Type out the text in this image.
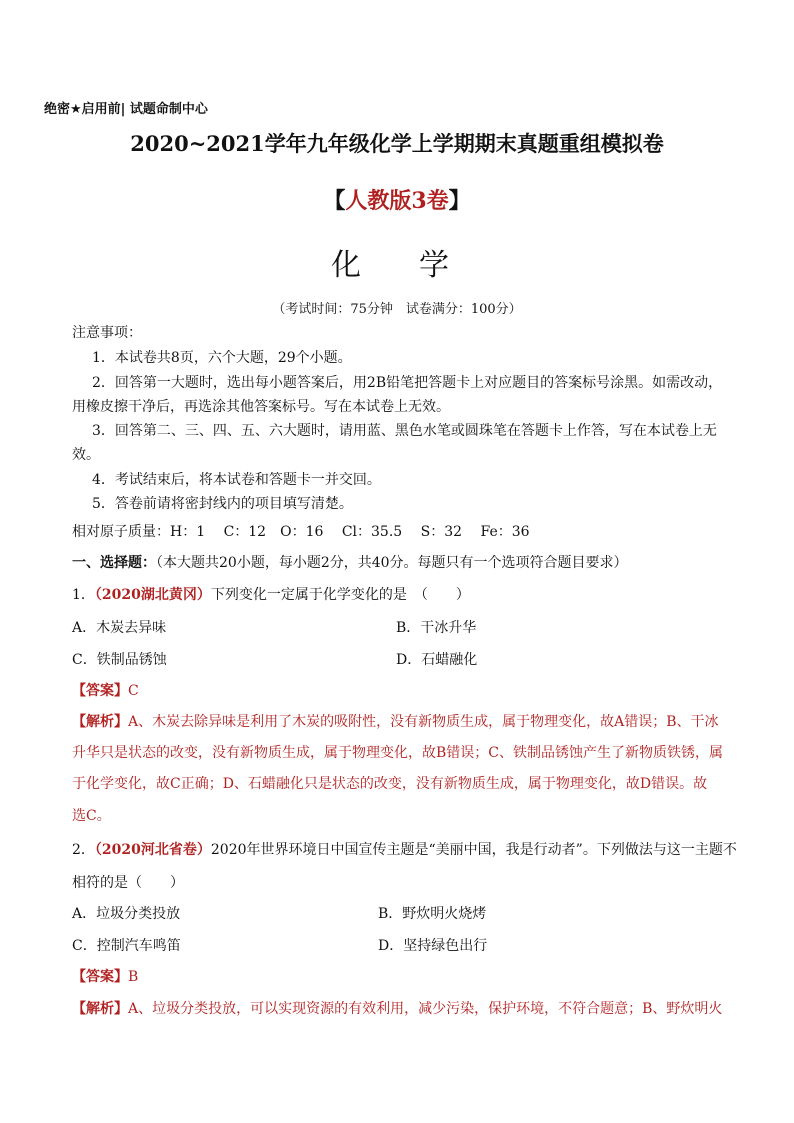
绝密★启用前| 试题命制中心
2020~2021学年九年级化学上学期期末真题重组模拟卷
【人教版3卷】
化　学
（考试时间：75分钟　试卷满分：100分）
注意事项：
1．本试卷共8页，六个大题，29个小题。
2．回答第一大题时，选出每小题答案后，用2B铅笔把答题卡上对应题目的答案标号涂黑。如需改动，
用橡皮擦干净后，再选涂其他答案标号。写在本试卷上无效。
3．回答第二、三、四、五、六大题时，请用蓝、黑色水笔或圆珠笔在答题卡上作答，写在本试卷上无
效。
4．考试结束后，将本试卷和答题卡一并交回。
5．答卷前请将密封线内的项目填写清楚。
相对原子质量：H：1　 C：12　O：16　 Cl：35.5　 S：32　 Fe：36
一、选择题：（本大题共20小题，每小题2分，共40分。每题只有一个选项符合题目要求）
1．（2020湖北黄冈）下列变化一定属于化学变化的是　（　　）
A．木炭去异味	B．干冰升华
C．铁制品锈蚀	D．石蜡融化
【答案】C
【解析】A、木炭去除异味是利用了木炭的吸附性，没有新物质生成，属于物理变化，故A错误；B、干冰
升华只是状态的改变，没有新物质生成，属于物理变化，故B错误；C、铁制品锈蚀产生了新物质铁锈，属
于化学变化，故C正确；D、石蜡融化只是状态的改变，没有新物质生成，属于物理变化，故D错误。故
选C。
2．（2020河北省卷）2020年世界环境日中国宣传主题是“美丽中国，我是行动者”。下列做法与这一主题不
相符的是（　　）
A．垃圾分类投放	B．野炊明火烧烤
C．控制汽车鸣笛	D．坚持绿色出行
【答案】B
【解析】A、垃圾分类投放，可以实现资源的有效利用，减少污染，保护环境，不符合题意；B、野炊明火
